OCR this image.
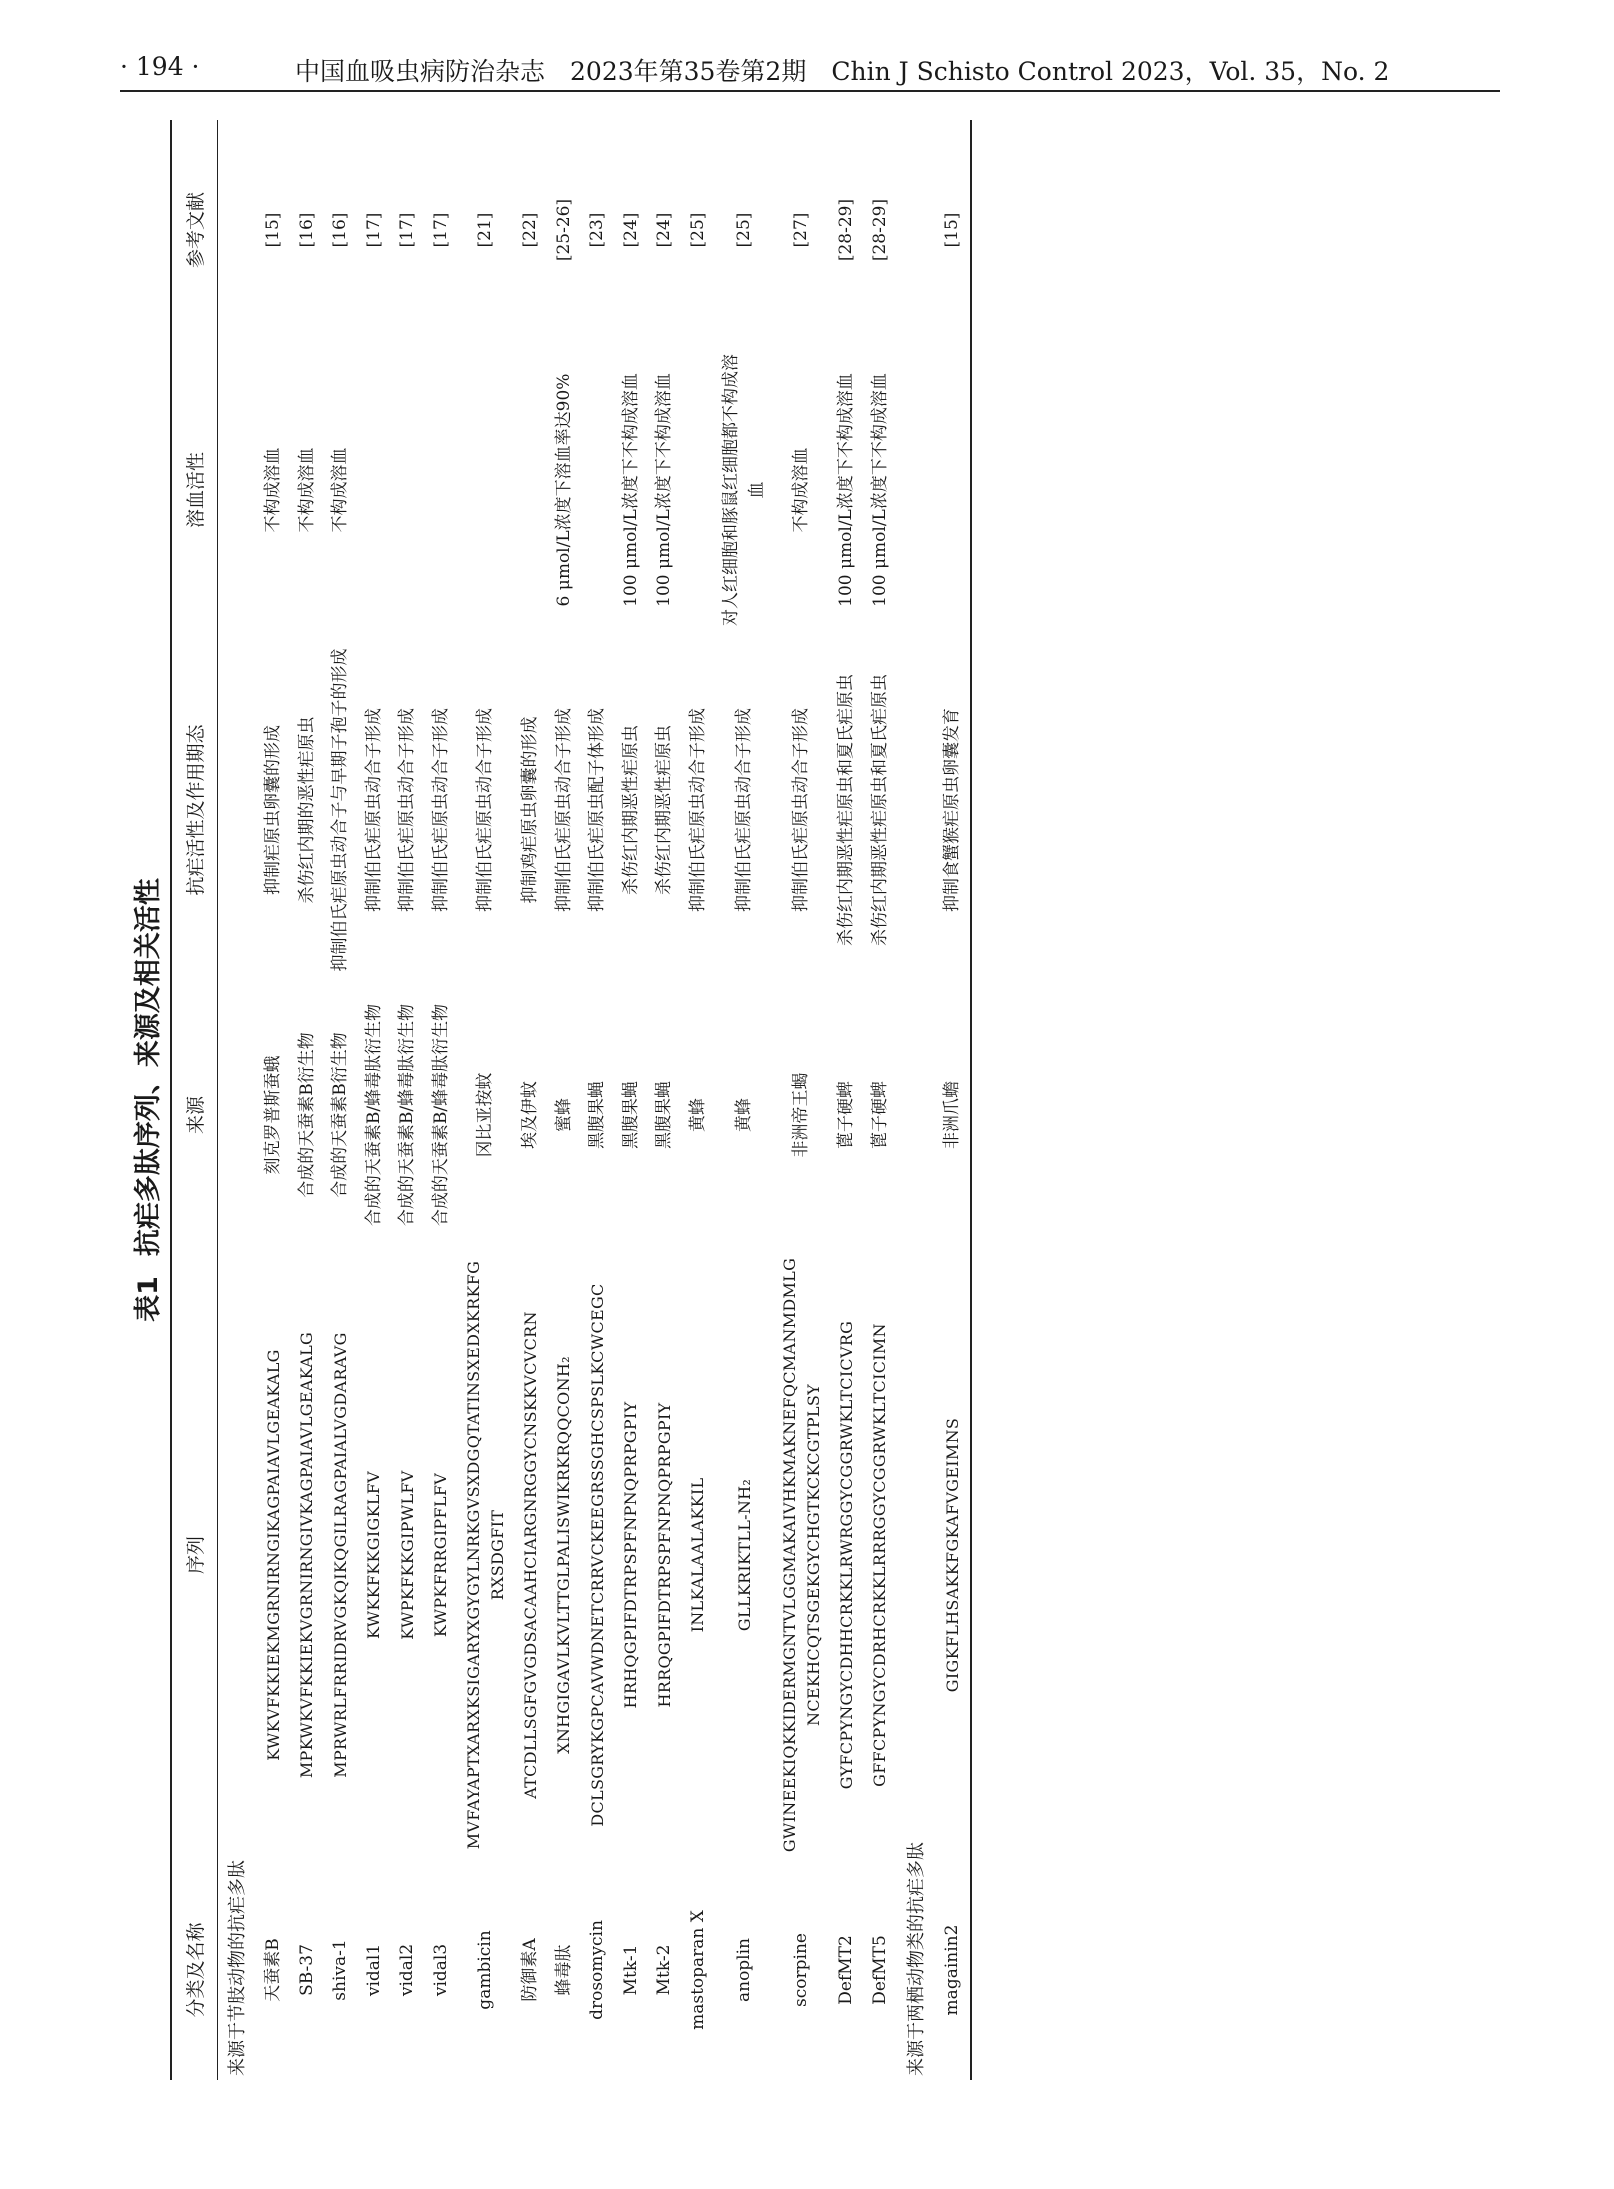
· 194 ·	中国血吸虫病防治杂志　2023年第35卷第2期　Chin J Schisto Control 2023，Vol. 35，No. 2
表1抗疟多肽序列、来源及相关活性
分类及名称	序列	来源	抗疟活性及作用期态	溶血活性	参考文献
来源于节肢动物的抗疟多肽					
天蚕素B	KWKVFKKIEKMGRNIRNGIKAGPAIAVLGEAKALG	刻克罗普斯蚕蛾	抑制疟原虫卵囊的形成	不构成溶血	[15]
SB-37	MPKWKVFKKIEKVGRNIRNGIVKAGPAIAVLGEAKALG	合成的天蚕素B衍生物	杀伤红内期的恶性疟原虫	不构成溶血	[16]
shiva-1	MPRWRLFRRIDRVGKQIKQGILRAGPAIALVGDARAVG	合成的天蚕素B衍生物	抑制伯氏疟原虫动合子与早期子孢子的形成	不构成溶血	[16]
vidal1	KWKKFKKGIGKLFV	合成的天蚕素B/蜂毒肽衍生物	抑制伯氏疟原虫动合子形成		[17]
vidal2	KWPKFKKGIPWLFV	合成的天蚕素B/蜂毒肽衍生物	抑制伯氏疟原虫动合子形成		[17]
vidal3	KWPKFRRGIPFLFV	合成的天蚕素B/蜂毒肽衍生物	抑制伯氏疟原虫动合子形成		[17]
gambicin	MVFAYAPTXARXKSIGARYXGYGYLNRKGVSXDGQTATINSXEDXKRKFGRXSDGFIT	冈比亚按蚊	抑制伯氏疟原虫动合子形成		[21]
防御素A	ATCDLLSGFGVGDSACAAHCIARGNRGGYCNSKKVCVCRN	埃及伊蚊	抑制鸡疟原虫卵囊的形成		[22]
蜂毒肽	XNHGIGAVLKVLTTGLPALISWIKRKRQQCONH₂	蜜蜂	抑制伯氏疟原虫动合子形成	6 μmol/L浓度下溶血率达90%	[25-26]
drosomycin	DCLSGRYKGPCAVWDNETCRRVCKEEGRSSGHCSPSLKCWCEGC	黑腹果蝇	抑制伯氏疟原虫配子体形成		[23]
Mtk-1	HRHQGPIFDTRPSPFNPNQPRPGPIY	黑腹果蝇	杀伤红内期恶性疟原虫	100 μmol/L浓度下不构成溶血	[24]
Mtk-2	HRRQGPIFDTRPSPFNPNQPRPGPIY	黑腹果蝇	杀伤红内期恶性疟原虫	100 μmol/L浓度下不构成溶血	[24]
mastoparan X	INLKALAALAKKIL	黄蜂	抑制伯氏疟原虫动合子形成		[25]
anoplin	GLLKRIKTLL-NH₂	黄蜂	抑制伯氏疟原虫动合子形成	对人红细胞和豚鼠红细胞都不构成溶血	[25]
scorpine	GWINEEKIQKKIDERMGNTVLGGMAKAIVHKMAKNEFQCMANMDMLGNCEKHCQTSGEKGYCHGTKCKCGTPLSY	非洲帝王蝎	抑制伯氏疟原虫动合子形成	不构成溶血	[27]
DefMT2	GYFCPYNGYCDHHCRKKLRWRGGYCGGRWKLTCICVRG	蓖子硬蜱	杀伤红内期恶性疟原虫和夏氏疟原虫	100 μmol/L浓度下不构成溶血	[28-29]
DefMT5	GFFCPYNGYCDRHCRKKLRRRGGYCGGRWKLTCICIMN	蓖子硬蜱	杀伤红内期恶性疟原虫和夏氏疟原虫	100 μmol/L浓度下不构成溶血	[28-29]
来源于两栖动物类的抗疟多肽					
magainin2	GIGKFLHSAKKFGKAFVGEIMNS	非洲爪蟾	抑制食蟹猴疟原虫卵囊发育		[15]
